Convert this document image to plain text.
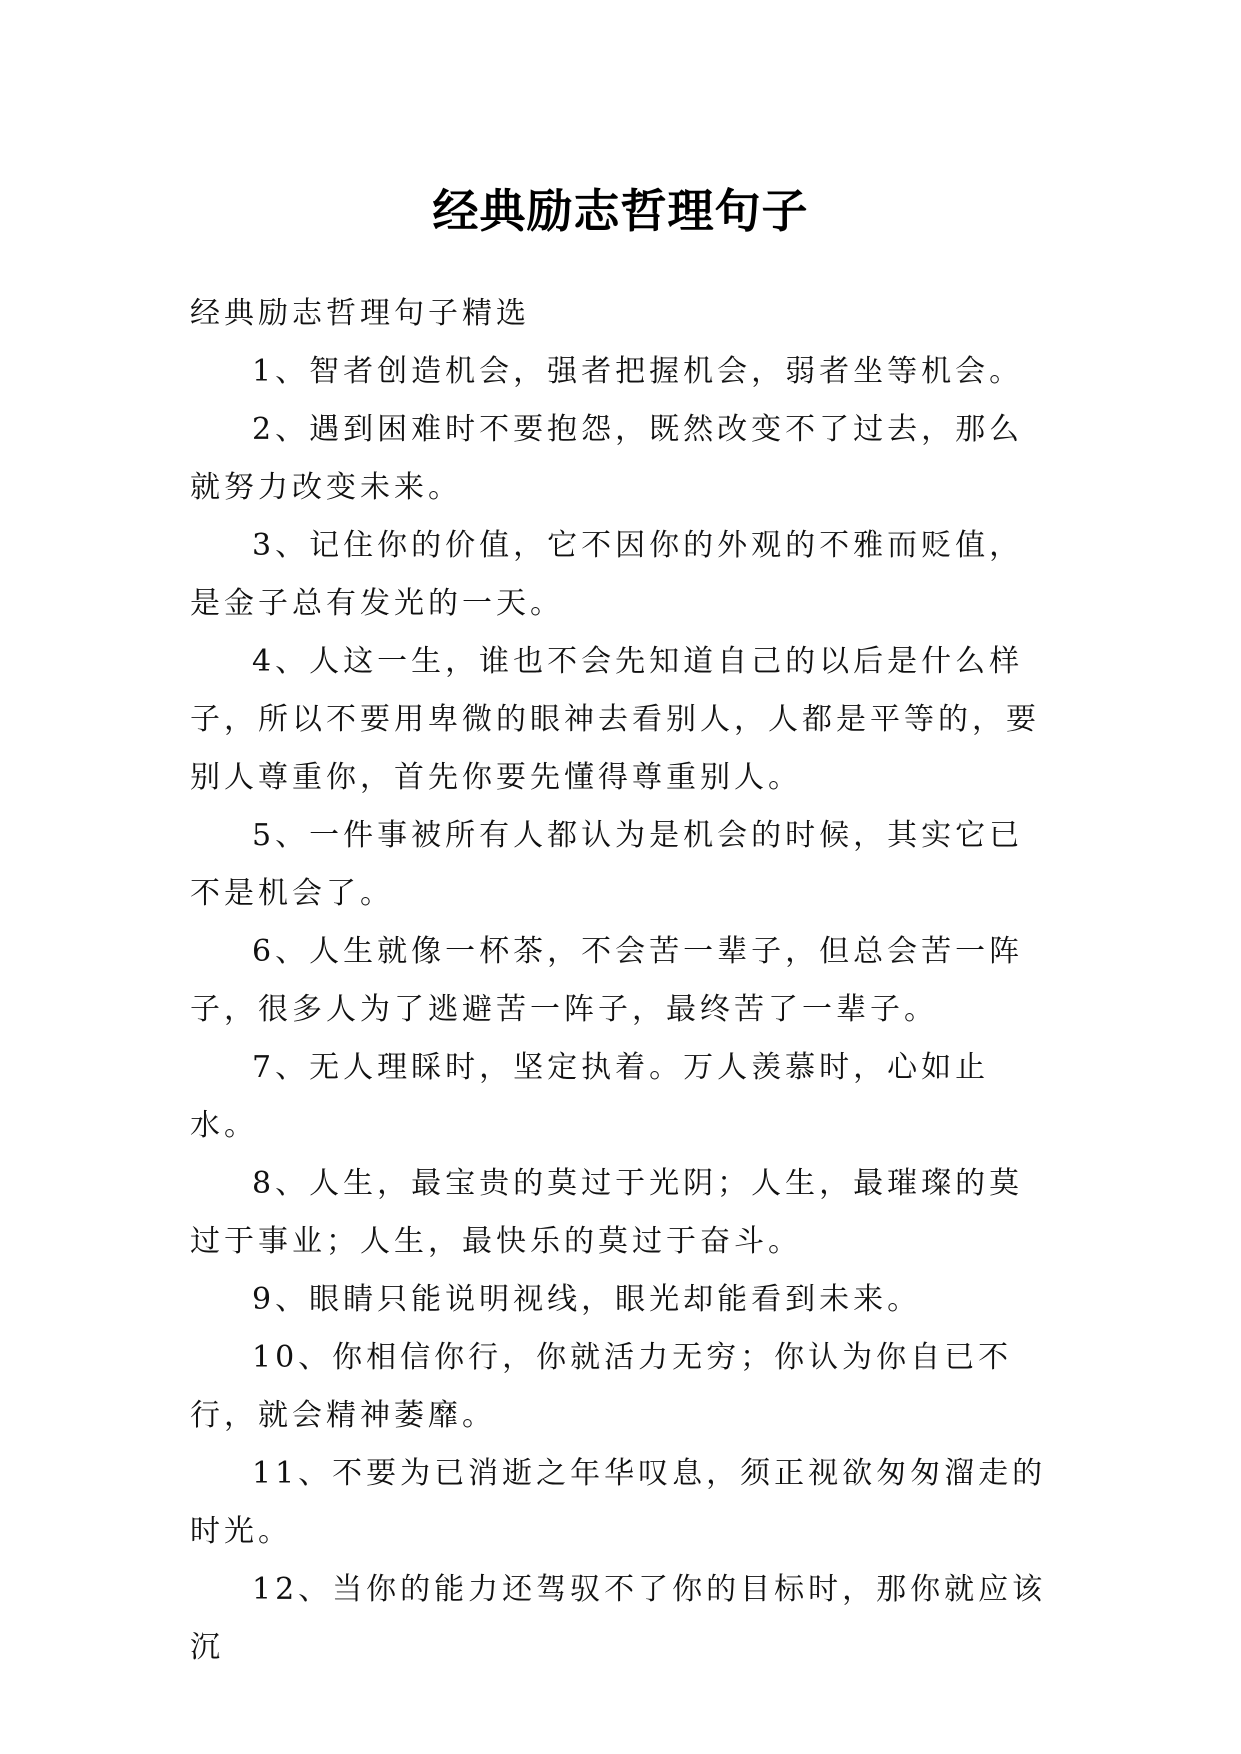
经典励志哲理句子

经典励志哲理句子精选

1、智者创造机会，强者把握机会，弱者坐等机会。

2、遇到困难时不要抱怨，既然改变不了过去，那么就努力改变未来。

3、记住你的价值，它不因你的外观的不雅而贬值，是金子总有发光的一天。

4、人这一生，谁也不会先知道自己的以后是什么样子，所以不要用卑微的眼神去看别人，人都是平等的，要别人尊重你，首先你要先懂得尊重别人。

5、一件事被所有人都认为是机会的时候，其实它已不是机会了。

6、人生就像一杯茶，不会苦一辈子，但总会苦一阵子，很多人为了逃避苦一阵子，最终苦了一辈子。

7、无人理睬时，坚定执着。万人羡慕时，心如止水。

8、人生，最宝贵的莫过于光阴；人生，最璀璨的莫过于事业；人生，最快乐的莫过于奋斗。

9、眼睛只能说明视线，眼光却能看到未来。

10、你相信你行，你就活力无穷；你认为你自已不行，就会精神萎靡。

11、不要为已消逝之年华叹息，须正视欲匆匆溜走的时光。

12、当你的能力还驾驭不了你的目标时，那你就应该沉
